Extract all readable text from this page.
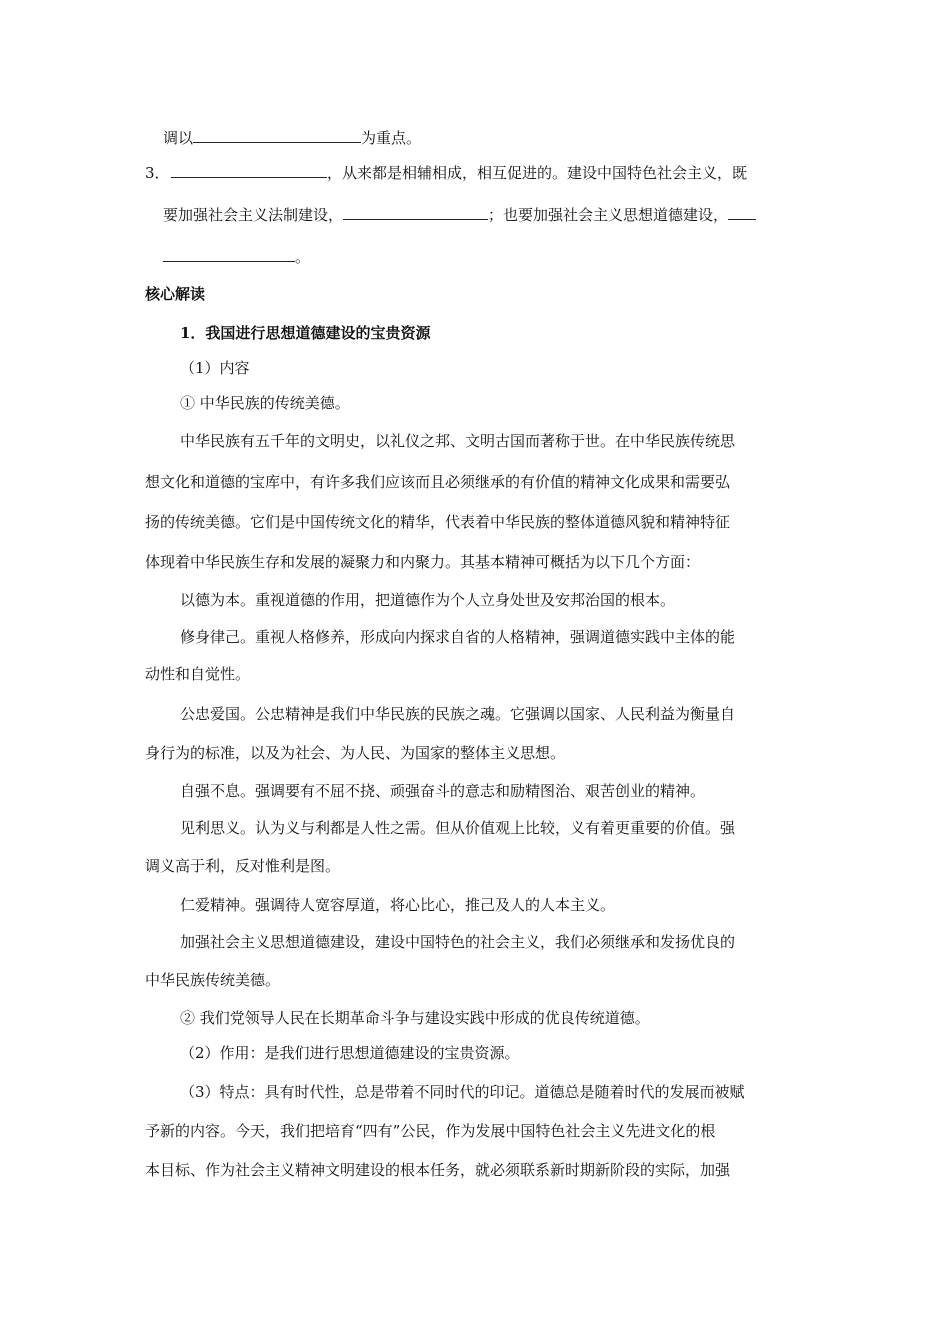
调以	为重点。
3．	，从来都是相辅相成，相互促进的。建设中国特色社会主义，既
要加强社会主义法制建设，	；也要加强社会主义思想道德建设，
。
核心解读
1．我国进行思想道德建设的宝贵资源
（1）内容
① 中华民族的传统美德。
中华民族有五千年的文明史，以礼仪之邦、文明古国而著称于世。在中华民族传统思
想文化和道德的宝库中，有许多我们应该而且必须继承的有价值的精神文化成果和需要弘
扬的传统美德。它们是中国传统文化的精华，代表着中华民族的整体道德风貌和精神特征
体现着中华民族生存和发展的凝聚力和内聚力。其基本精神可概括为以下几个方面：
以德为本。重视道德的作用，把道德作为个人立身处世及安邦治国的根本。
修身律己。重视人格修养，形成向内探求自省的人格精神，强调道德实践中主体的能
动性和自觉性。
公忠爱国。公忠精神是我们中华民族的民族之魂。它强调以国家、人民利益为衡量自
身行为的标准，以及为社会、为人民、为国家的整体主义思想。
自强不息。强调要有不屈不挠、顽强奋斗的意志和励精图治、艰苦创业的精神。
见利思义。认为义与利都是人性之需。但从价值观上比较，义有着更重要的价值。强
调义高于利，反对惟利是图。
仁爱精神。强调待人宽容厚道，将心比心，推己及人的人本主义。
加强社会主义思想道德建设，建设中国特色的社会主义，我们必须继承和发扬优良的
中华民族传统美德。
② 我们党领导人民在长期革命斗争与建设实践中形成的优良传统道德。
（2）作用：是我们进行思想道德建设的宝贵资源。
（3）特点：具有时代性，总是带着不同时代的印记。道德总是随着时代的发展而被赋
予新的内容。今天，我们把培育“四有”公民，作为发展中国特色社会主义先进文化的根
本目标、作为社会主义精神文明建设的根本任务，就必须联系新时期新阶段的实际，加强
